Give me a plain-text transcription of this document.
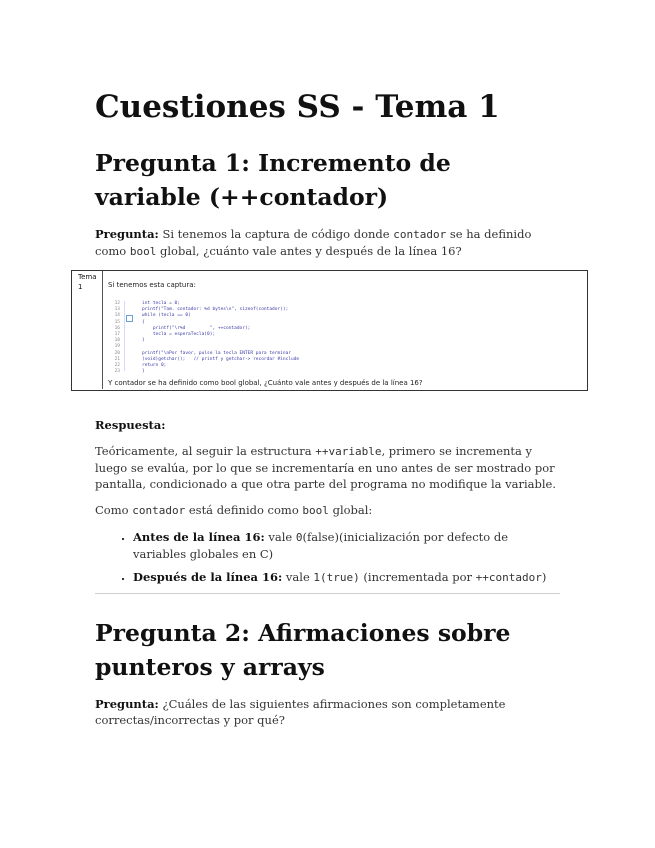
Cuestiones SS - Tema 1
Pregunta 1: Incremento de variable (++contador)

Pregunta: Si tenemos la captura de código donde contador se ha definido como bool global, ¿cuánto vale antes y después de la línea 16?

Tema
1	Si tenemos esta captura:
12	int tecla = 0;
13	printf("Tam. contador: %d bytes\n", sizeof(contador));
14	while (tecla == 0)
15	{
16	printf("\r%d         ", ++contador);
17	tecla = esperaTecla(0);
18	}
19
20	printf("\nPor favor, pulse la tecla ENTER para terminar
21	(void)getchar();   // printf y getchar-> recordar #include
22	return 0;
23	}
Y contador se ha definido como bool global, ¿Cuánto vale antes y después de la línea 16?

Respuesta:

Teóricamente, al seguir la estructura ++variable, primero se incrementa y luego se evalúa, por lo que se incrementaría en uno antes de ser mostrado por pantalla, condicionado a que otra parte del programa no modifique la variable.

Como contador está definido como bool global:

▪ Antes de la línea 16: vale 0(false)(inicialización por defecto de variables globales en C)
▪ Después de la línea 16: vale 1(true) (incrementada por ++contador)
Pregunta 2: Afirmaciones sobre punteros y arrays

Pregunta: ¿Cuáles de las siguientes afirmaciones son completamente correctas/incorrectas y por qué?
